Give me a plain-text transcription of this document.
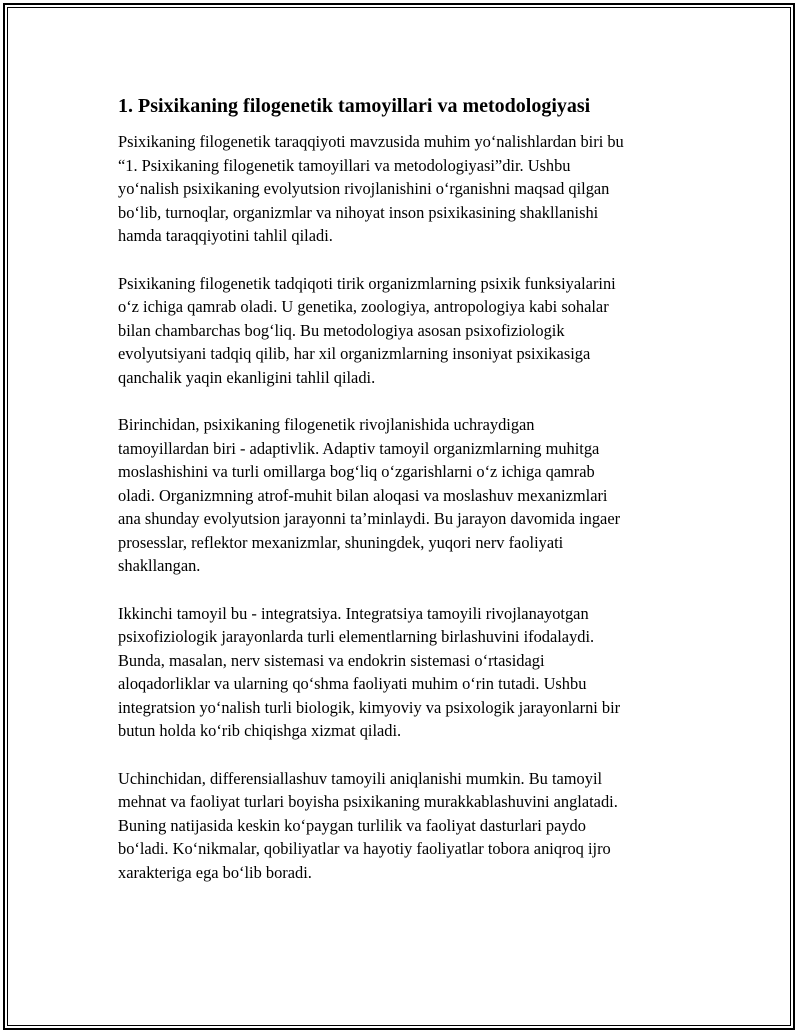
1. Psixikaning filogenetik tamoyillari va metodologiyasi
Psixikaning filogenetik taraqqiyoti mavzusida muhim yo‘nalishlardan biri bu
“1. Psixikaning filogenetik tamoyillari va metodologiyasi”dir. Ushbu
yo‘nalish psixikaning evolyutsion rivojlanishini o‘rganishni maqsad qilgan
bo‘lib, turnoqlar, organizmlar va nihoyat inson psixikasining shakllanishi
hamda taraqqiyotini tahlil qiladi.
Psixikaning filogenetik tadqiqoti tirik organizmlarning psixik funksiyalarini
o‘z ichiga qamrab oladi. U genetika, zoologiya, antropologiya kabi sohalar
bilan chambarchas bog‘liq. Bu metodologiya asosan psixofiziologik
evolyutsiyani tadqiq qilib, har xil organizmlarning insoniyat psixikasiga
qanchalik yaqin ekanligini tahlil qiladi.
Birinchidan, psixikaning filogenetik rivojlanishida uchraydigan
tamoyillardan biri - adaptivlik. Adaptiv tamoyil organizmlarning muhitga
moslashishini va turli omillarga bog‘liq o‘zgarishlarni o‘z ichiga qamrab
oladi. Organizmning atrof-muhit bilan aloqasi va moslashuv mexanizmlari
ana shunday evolyutsion jarayonni ta’minlaydi. Bu jarayon davomida ingaer
prosesslar, reflektor mexanizmlar, shuningdek, yuqori nerv faoliyati
shakllangan.
Ikkinchi tamoyil bu - integratsiya. Integratsiya tamoyili rivojlanayotgan
psixofiziologik jarayonlarda turli elementlarning birlashuvini ifodalaydi.
Bunda, masalan, nerv sistemasi va endokrin sistemasi o‘rtasidagi
aloqadorliklar va ularning qo‘shma faoliyati muhim o‘rin tutadi. Ushbu
integratsion yo‘nalish turli biologik, kimyoviy va psixologik jarayonlarni bir
butun holda ko‘rib chiqishga xizmat qiladi.
Uchinchidan, differensiallashuv tamoyili aniqlanishi mumkin. Bu tamoyil
mehnat va faoliyat turlari boyisha psixikaning murakkablashuvini anglatadi.
Buning natijasida keskin ko‘paygan turlilik va faoliyat dasturlari paydo
bo‘ladi. Ko‘nikmalar, qobiliyatlar va hayotiy faoliyatlar tobora aniqroq ijro
xarakteriga ega bo‘lib boradi.
